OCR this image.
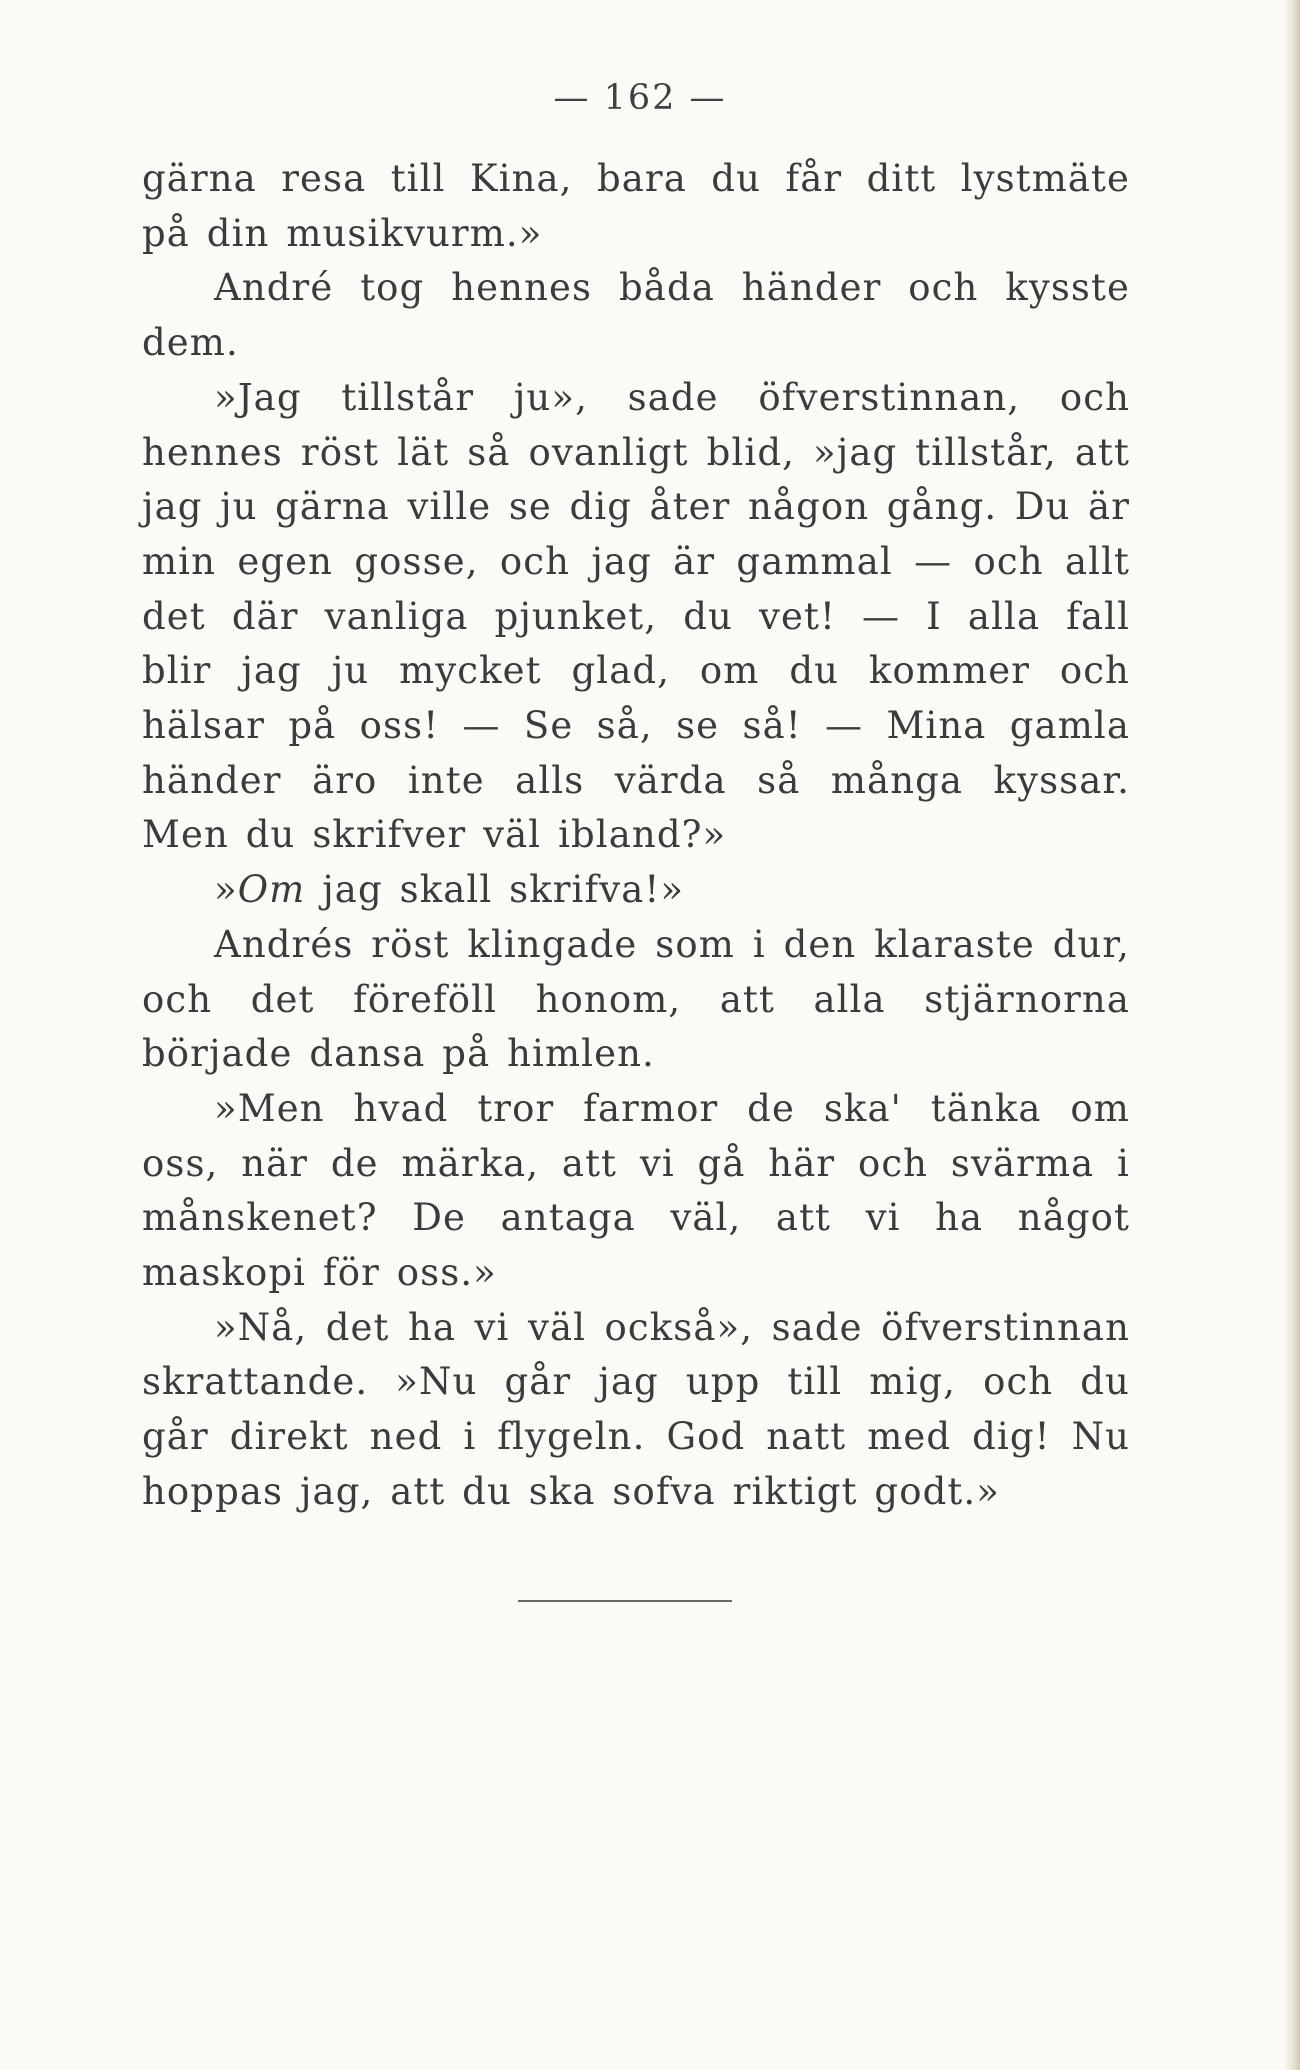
— 162 —

gärna resa till Kina, bara du får ditt lystmäte på din musikvurm.»

André tog hennes båda händer och kysste dem.

»Jag tillstår ju», sade öfverstinnan, och hennes röst lät så ovanligt blid, »jag tillstår, att jag ju gärna ville se dig åter någon gång. Du är min egen gosse, och jag är gammal — och allt det där vanliga pjunket, du vet! — I alla fall blir jag ju mycket glad, om du kommer och hälsar på oss! — Se så, se så! — Mina gamla händer äro inte alls värda så många kyssar. Men du skrifver väl ibland?»

»Om jag skall skrifva!»

Andrés röst klingade som i den klaraste dur, och det föreföll honom, att alla stjärnorna började dansa på himlen.

»Men hvad tror farmor de ska' tänka om oss, när de märka, att vi gå här och svärma i månskenet? De antaga väl, att vi ha något maskopi för oss.»

»Nå, det ha vi väl också», sade öfverstinnan skrattande. »Nu går jag upp till mig, och du går direkt ned i flygeln. God natt med dig! Nu hoppas jag, att du ska sofva riktigt godt.»
